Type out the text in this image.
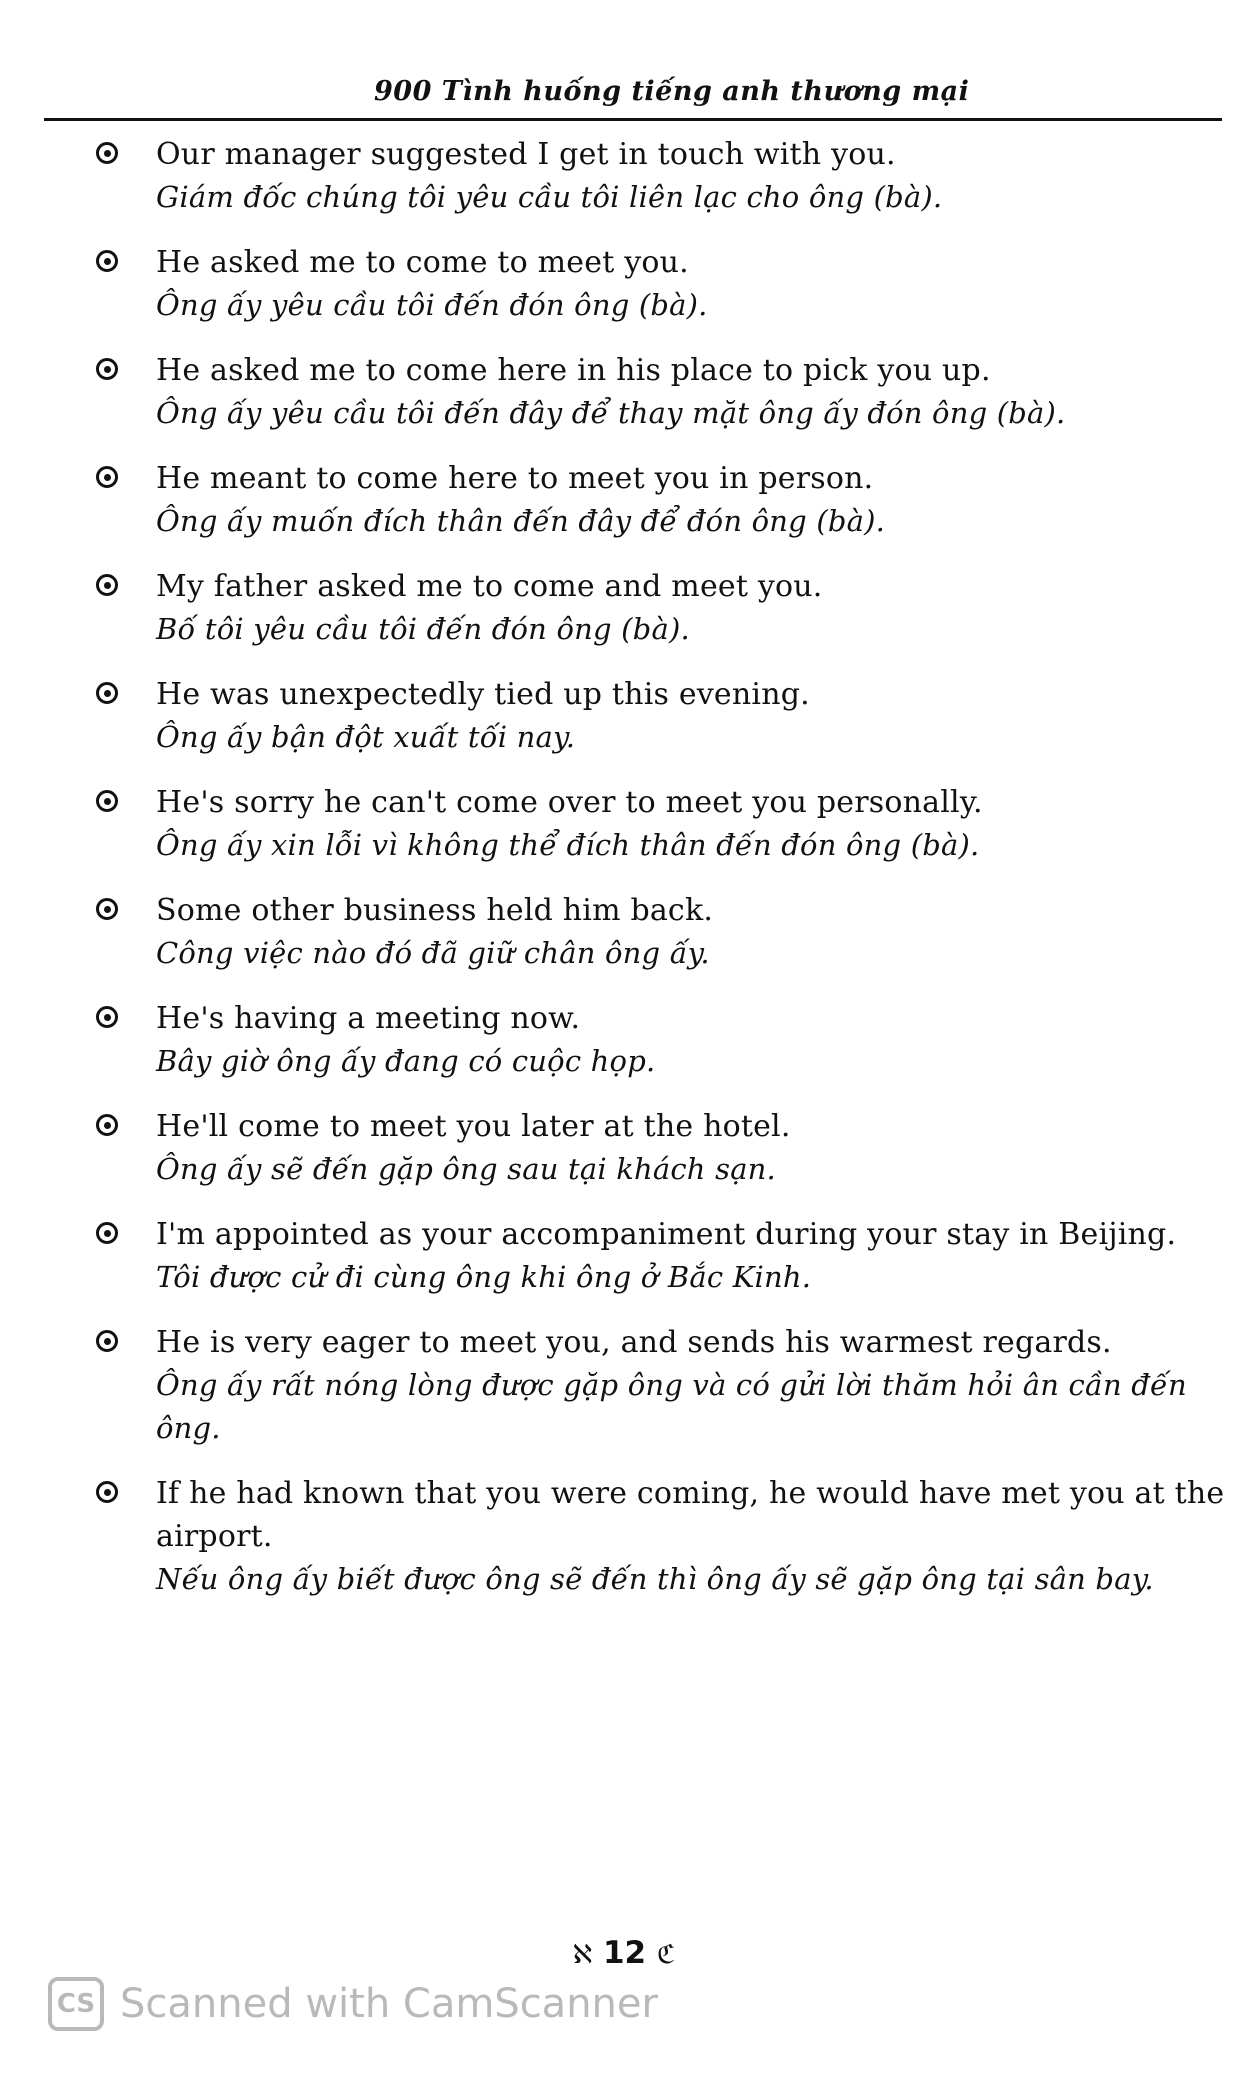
900 Tình huống tiếng anh thương mại
Our manager suggested I get in touch with you.
Giám đốc chúng tôi yêu cầu tôi liên lạc cho ông (bà).
He asked me to come to meet you.
Ông ấy yêu cầu tôi đến đón ông (bà).
He asked me to come here in his place to pick you up.
Ông ấy yêu cầu tôi đến đây để thay mặt ông ấy đón ông (bà).
He meant to come here to meet you in person.
Ông ấy muốn đích thân đến đây để đón ông (bà).
My father asked me to come and meet you.
Bố tôi yêu cầu tôi đến đón ông (bà).
He was unexpectedly tied up this evening.
Ông ấy bận đột xuất tối nay.
He's sorry he can't come over to meet you personally.
Ông ấy xin lỗi vì không thể đích thân đến đón ông (bà).
Some other business held him back.
Công việc nào đó đã giữ chân ông ấy.
He's having a meeting now.
Bây giờ ông ấy đang có cuộc họp.
He'll come to meet you later at the hotel.
Ông ấy sẽ đến gặp ông sau tại khách sạn.
I'm appointed as your accompaniment during your stay in Beijing.
Tôi được cử đi cùng ông khi ông ở Bắc Kinh.
He is very eager to meet you, and sends his warmest regards.
Ông ấy rất nóng lòng được gặp ông và có gửi lời thăm hỏi ân cần đến ông.
If he had known that you were coming, he would have met you at the airport.
Nếu ông ấy biết được ông sẽ đến thì ông ấy sẽ gặp ông tại sân bay.
ℵ 12 ℭ
CS Scanned with CamScanner
